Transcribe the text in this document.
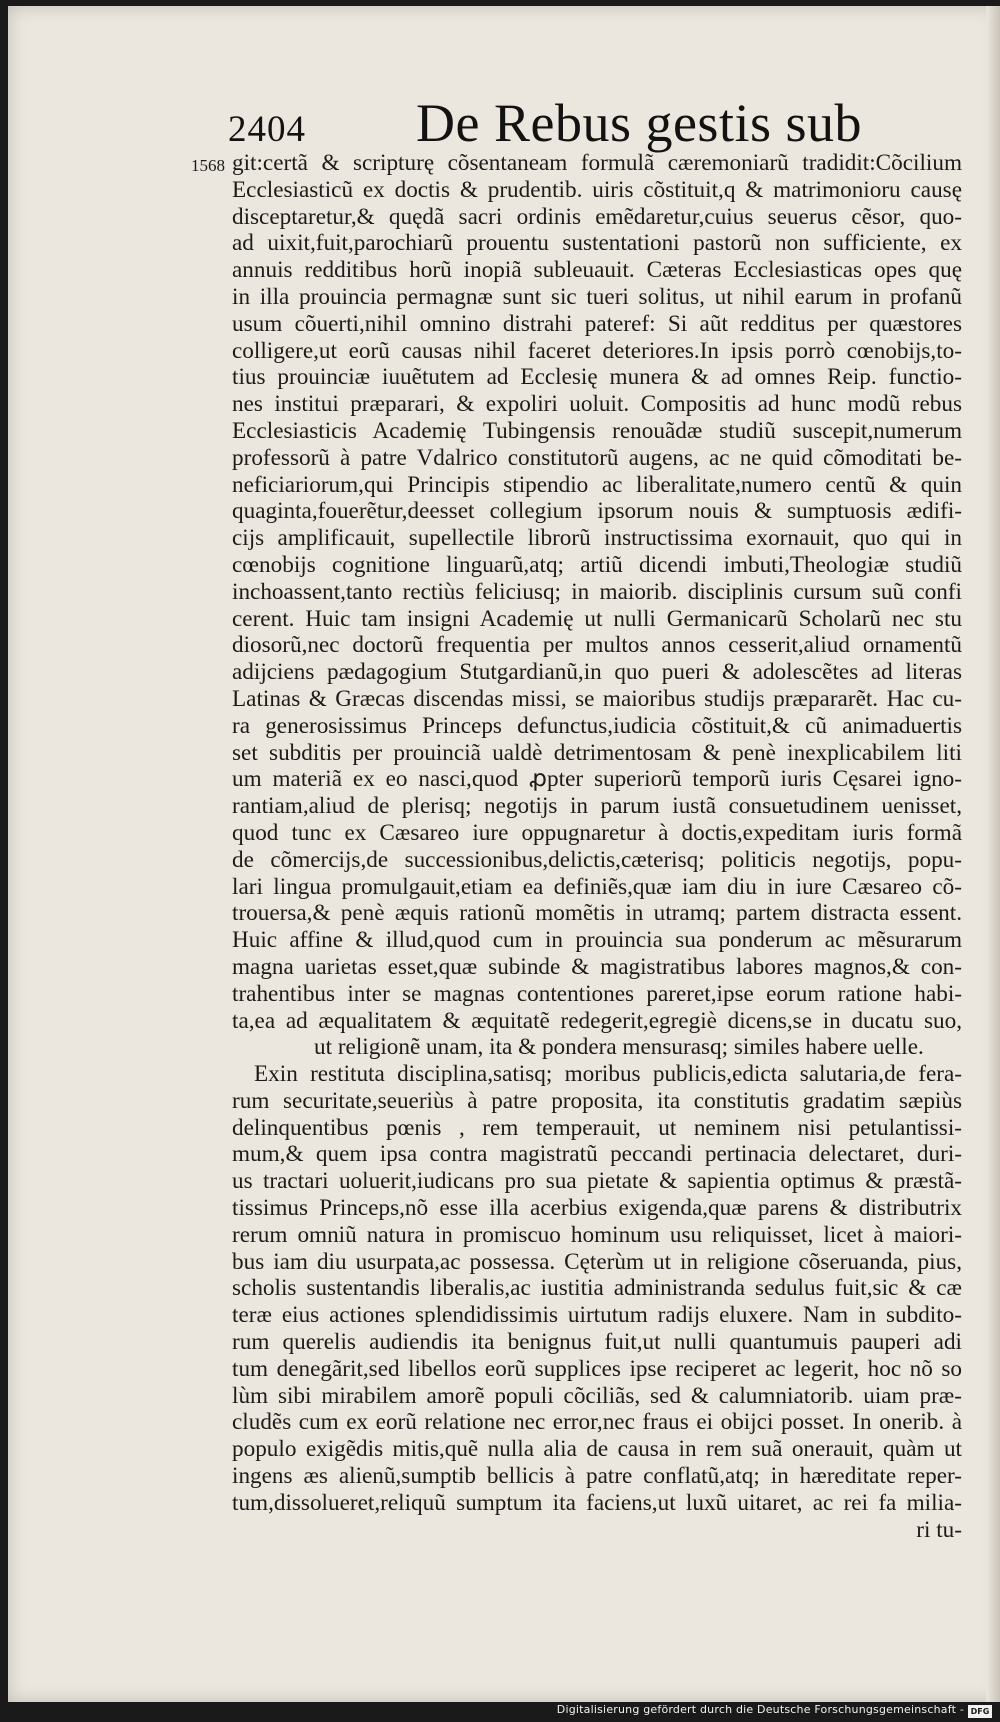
2404 De Rebus gestis sub
1568 git:certã & scripturę cõsentaneam formulã cæremoniarũ tradidit:Cõcilium
Ecclesiasticũ ex doctis & prudentib. uiris cõstituit,q & matrimonioru causę
disceptaretur,& quędã sacri ordinis emẽdaretur,cuius seuerus cẽsor, quo-
ad uixit,fuit,parochiarũ prouentu sustentationi pastorũ non sufficiente, ex
annuis redditibus horũ inopiã subleuauit. Cæteras Ecclesiasticas opes quę
in illa prouincia permagnæ sunt sic tueri solitus, ut nihil earum in profanũ
usum cõuerti,nihil omnino distrahi pateref: Si aũt redditus per quæstores
colligere,ut eorũ causas nihil faceret deteriores.In ipsis porrò cœnobijs,to-
tius prouinciæ iuuẽtutem ad Ecclesię munera & ad omnes Reip. functio-
nes institui præparari, & expoliri uoluit. Compositis ad hunc modũ rebus
Ecclesiasticis Academię Tubingensis renouãdæ studiũ suscepit,numerum
professorũ à patre Vdalrico constitutorũ augens, ac ne quid cõmoditati be-
neficiariorum,qui Principis stipendio ac liberalitate,numero centũ & quin
quaginta,fouerẽtur,deesset collegium ipsorum nouis & sumptuosis ædifi-
cijs amplificauit, supellectile librorũ instructissima exornauit, quo qui in
cœnobijs cognitione linguarũ,atq; artiũ dicendi imbuti,Theologiæ studiũ
inchoassent,tanto rectiùs feliciusq; in maiorib. disciplinis cursum suũ confi
cerent. Huic tam insigni Academię ut nulli Germanicarũ Scholarũ nec stu
diosorũ,nec doctorũ frequentia per multos annos cesserit,aliud ornamentũ
adijciens pædagogium Stutgardianũ,in quo pueri & adolescẽtes ad literas
Latinas & Græcas discendas missi, se maioribus studijs præpararẽt. Hac cu-
ra generosissimus Princeps defunctus,iudicia cõstituit,& cũ animaduertis
set subditis per prouinciã ualdè detrimentosam & penè inexplicabilem liti
um materiã ex eo nasci,quod ꝓpter superiorũ temporũ iuris Cęsarei igno-
rantiam,aliud de plerisq; negotijs in parum iustã consuetudinem uenisset,
quod tunc ex Cæsareo iure oppugnaretur à doctis,expeditam iuris formã
de cõmercijs,de successionibus,delictis,cæterisq; politicis negotijs, popu-
lari lingua promulgauit,etiam ea definiẽs,quæ iam diu in iure Cæsareo cõ-
trouersa,& penè æquis rationũ momẽtis in utramq; partem distracta essent.
Huic affine & illud,quod cum in prouincia sua ponderum ac mẽsurarum
magna uarietas esset,quæ subinde & magistratibus labores magnos,& con-
trahentibus inter se magnas contentiones pareret,ipse eorum ratione habi-
ta,ea ad æqualitatem & æquitatẽ redegerit,egregiè dicens,se in ducatu suo,
ut religionẽ unam, ita & pondera mensurasq; similes habere uelle.
Exin restituta disciplina,satisq; moribus publicis,edicta salutaria,de fera-
rum securitate,seueriùs à patre proposita, ita constitutis gradatim sæpiùs
delinquentibus pœnis , rem temperauit, ut neminem nisi petulantissi-
mum,& quem ipsa contra magistratũ peccandi pertinacia delectaret, duri-
us tractari uoluerit,iudicans pro sua pietate & sapientia optimus & præstã-
tissimus Princeps,nõ esse illa acerbius exigenda,quæ parens & distributrix
rerum omniũ natura in promiscuo hominum usu reliquisset, licet à maiori-
bus iam diu usurpata,ac possessa. Cęterùm ut in religione cõseruanda, pius,
scholis sustentandis liberalis,ac iustitia administranda sedulus fuit,sic & cæ
teræ eius actiones splendidissimis uirtutum radijs eluxere. Nam in subdito-
rum querelis audiendis ita benignus fuit,ut nulli quantumuis pauperi adi
tum denegãrit,sed libellos eorũ supplices ipse reciperet ac legerit, hoc nõ so
lùm sibi mirabilem amorẽ populi cõciliãs, sed & calumniatorib. uiam præ-
cludẽs cum ex eorũ relatione nec error,nec fraus ei obijci posset. In onerib. à
populo exigẽdis mitis,quẽ nulla alia de causa in rem suã onerauit, quàm ut
ingens æs alienũ,sumptib bellicis à patre conflatũ,atq; in hæreditate reper-
tum,dissolueret,reliquũ sumptum ita faciens,ut luxũ uitaret, ac rei fa milia-
ri tu-
Digitalisierung gefördert durch die Deutsche Forschungsgemeinschaft - DFG
